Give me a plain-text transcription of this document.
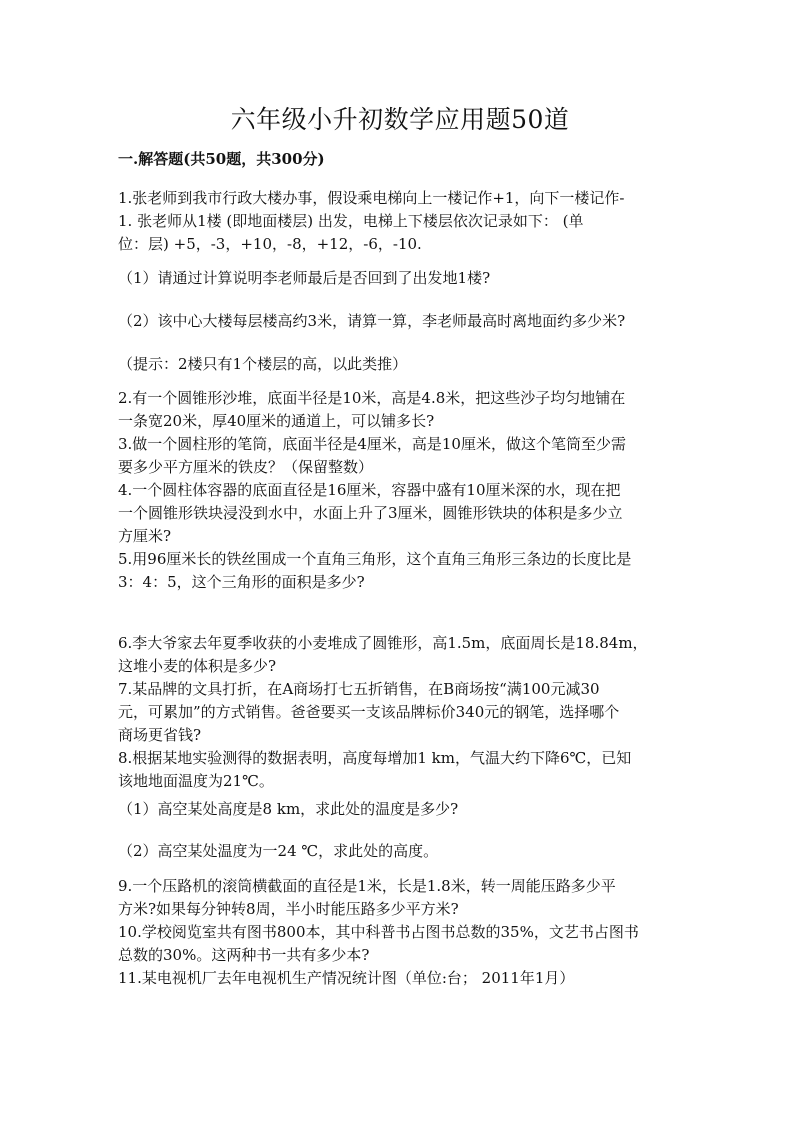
六年级小升初数学应用题50道
一.解答题(共50题，共300分)
1.张老师到我市行政大楼办事，假设乘电梯向上一楼记作+1，向下一楼记作-
1. 张老师从1楼 (即地面楼层) 出发，电梯上下楼层依次记录如下： (单
位：层) +5，-3，+10，-8，+12，-6，-10.
（1）请通过计算说明李老师最后是否回到了出发地1楼?
（2）该中心大楼每层楼高约3米，请算一算，李老师最高时离地面约多少米?
（提示：2楼只有1个楼层的高，以此类推）
2.有一个圆锥形沙堆，底面半径是10米，高是4.8米，把这些沙子均匀地铺在
一条宽20米，厚40厘米的通道上，可以铺多长?
3.做一个圆柱形的笔筒，底面半径是4厘米，高是10厘米，做这个笔筒至少需
要多少平方厘米的铁皮？（保留整数）
4.一个圆柱体容器的底面直径是16厘米，容器中盛有10厘米深的水，现在把
一个圆锥形铁块浸没到水中，水面上升了3厘米，圆锥形铁块的体积是多少立
方厘米?
5.用96厘米长的铁丝围成一个直角三角形，这个直角三角形三条边的长度比是
3：4：5，这个三角形的面积是多少?
6.李大爷家去年夏季收获的小麦堆成了圆锥形，高1.5m，底面周长是18.84m，
这堆小麦的体积是多少?
7.某品牌的文具打折，在A商场打七五折销售，在B商场按“满100元减30
元，可累加”的方式销售。爸爸要买一支该品牌标价340元的钢笔，选择哪个
商场更省钱?
8.根据某地实验测得的数据表明，高度每增加1 km，气温大约下降6℃，已知
该地地面温度为21℃。
（1）高空某处高度是8 km，求此处的温度是多少?
（2）高空某处温度为一24 ℃，求此处的高度。
9.一个压路机的滚筒横截面的直径是1米，长是1.8米，转一周能压路多少平
方米?如果每分钟转8周，半小时能压路多少平方米?
10.学校阅览室共有图书800本，其中科普书占图书总数的35%，文艺书占图书
总数的30%。这两种书一共有多少本?
11.某电视机厂去年电视机生产情况统计图（单位:台； 2011年1月）
